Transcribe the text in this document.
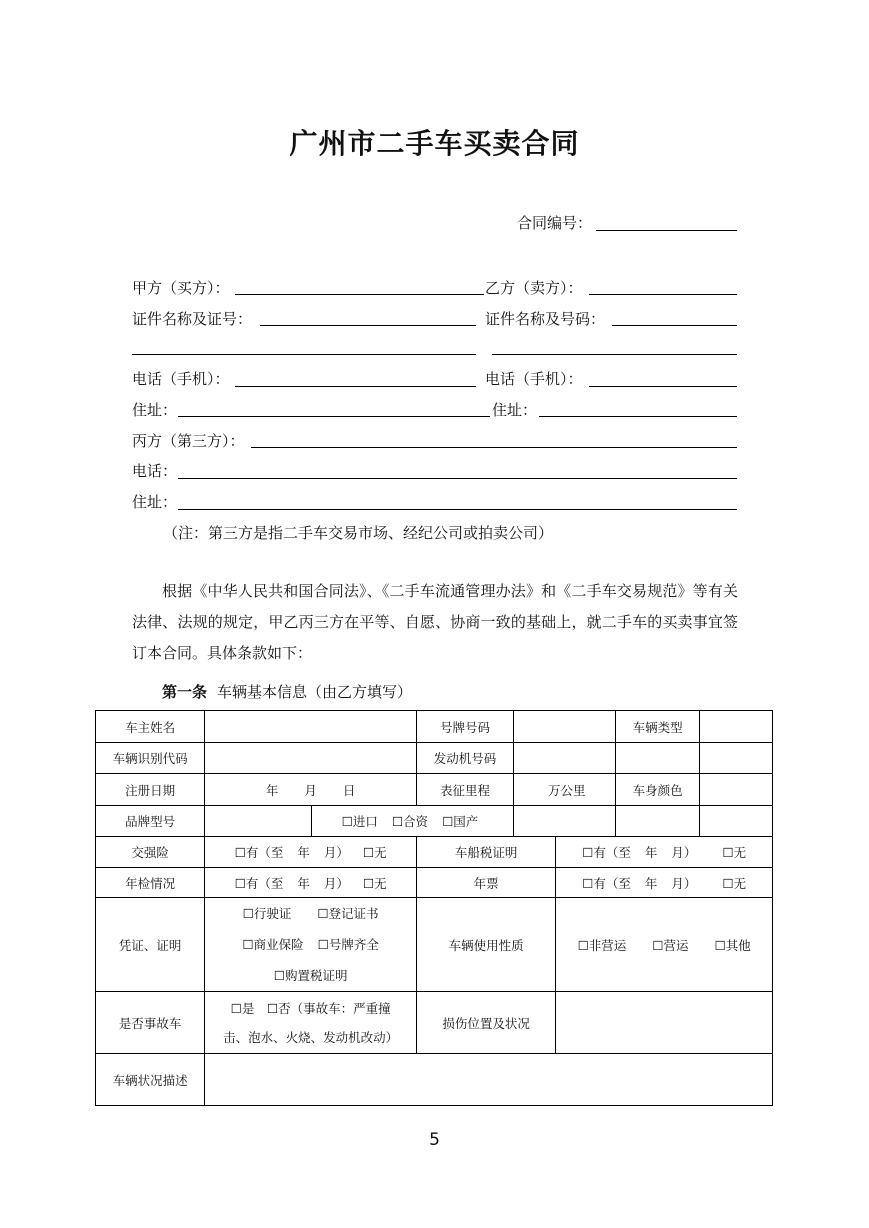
广州市二手车买卖合同
合同编号：
甲方（买方）：	乙方（卖方）：
证件名称及证号：	证件名称及号码：
电话（手机）：	电话（手机）：
住址：	住址：
丙方（第三方）：
电话：
住址：
（注：第三方是指二手车交易市场、经纪公司或拍卖公司）
根据《中华人民共和国合同法》、《二手车流通管理办法》和《二手车交易规范》等有关法律、法规的规定，甲乙丙三方在平等、自愿、协商一致的基础上，就二手车的买卖事宜签订本合同。具体条款如下：
第一条 车辆基本信息（由乙方填写）
车主姓名			号牌号码			车辆类型	
车辆识别代码			发动机号码				
注册日期	年 月 日		表征里程	万公里		车身颜色	
品牌型号		☐进口 ☐合资 ☐国产					
交强险	☐有（至 年 月） ☐无		车船税证明		☐有（至 年 月） ☐无		
年检情况	☐有（至 年 月） ☐无		年票		☐有（至 年 月） ☐无		
凭证、证明	☐行驶证 ☐登记证书
☐商业保险 ☐号牌齐全
☐购置税证明		车辆使用性质		☐非营运 ☐营运 ☐其他		
是否事故车	☐是　☐否（事故车：严重撞
击、泡水、火烧、发动机改动）		损伤位置及状况				
车辆状况描述							
5
